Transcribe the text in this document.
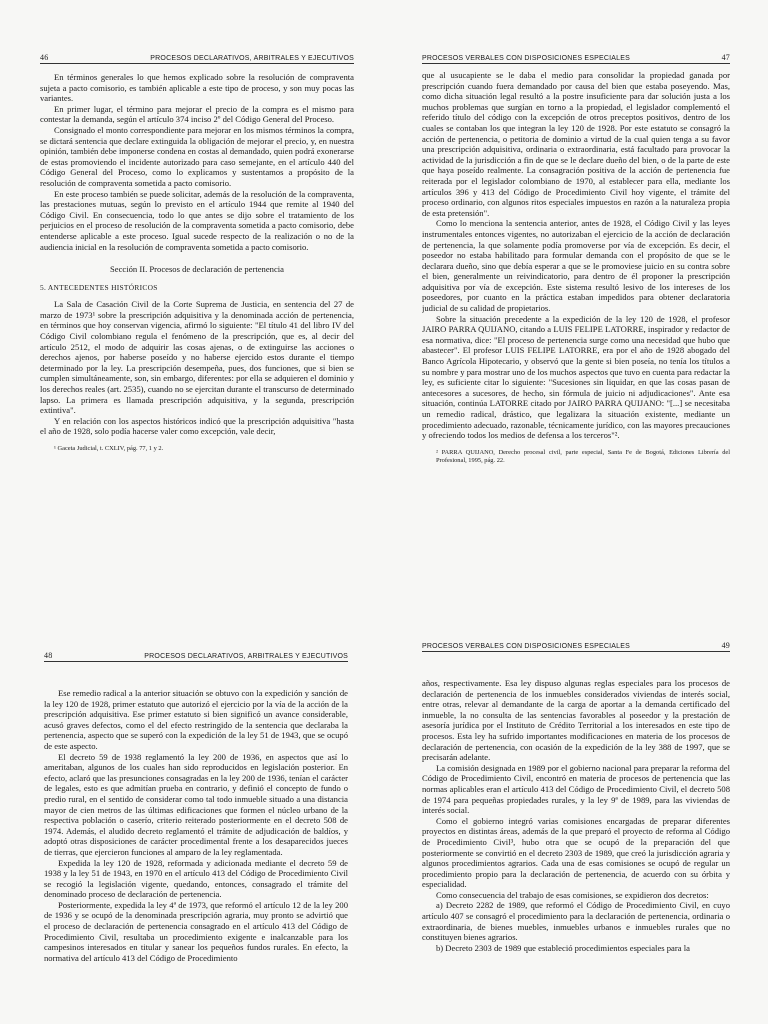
46	PROCESOS DECLARATIVOS, ARBITRALES Y EJECUTIVOS

En términos generales lo que hemos explicado sobre la resolución de compraventa sujeta a pacto comisorio, es también aplicable a este tipo de proceso, y son muy pocas las variantes.

En primer lugar, el término para mejorar el precio de la compra es el mismo para contestar la demanda, según el artículo 374 inciso 2º del Código General del Proceso.

Consignado el monto correspondiente para mejorar en los mismos términos la compra, se dictará sentencia que declare extinguida la obligación de mejorar el precio, y, en nuestra opinión, también debe imponerse condena en costas al demandado, quien podrá exonerarse de estas promoviendo el incidente autorizado para caso semejante, en el artículo 440 del Código General del Proceso, como lo explicamos y sustentamos a propósito de la resolución de compraventa sometida a pacto comisorio.

En este proceso también se puede solicitar, además de la resolución de la compraventa, las prestaciones mutuas, según lo previsto en el artículo 1944 que remite al 1940 del Código Civil. En consecuencia, todo lo que antes se dijo sobre el tratamiento de los perjuicios en el proceso de resolución de la compraventa sometida a pacto comisorio, debe entenderse aplicable a este proceso. Igual sucede respecto de la realización o no de la audiencia inicial en la resolución de compraventa sometida a pacto comisorio.

Sección II. Procesos de declaración de pertenencia
5. ANTECEDENTES HISTÓRICOS

La Sala de Casación Civil de la Corte Suprema de Justicia, en sentencia del 27 de marzo de 1973¹ sobre la prescripción adquisitiva y la denominada acción de pertenencia, en términos que hoy conservan vigencia, afirmó lo siguiente: "El título 41 del libro IV del Código Civil colombiano regula el fenómeno de la prescripción, que es, al decir del artículo 2512, el modo de adquirir las cosas ajenas, o de extinguirse las acciones o derechos ajenos, por haberse poseído y no haberse ejercido estos durante el tiempo determinado por la ley. La prescripción desempeña, pues, dos funciones, que si bien se cumplen simultáneamente, son, sin embargo, diferentes: por ella se adquieren el dominio y los derechos reales (art. 2535), cuando no se ejercitan durante el transcurso de determinado lapso. La primera es llamada prescripción adquisitiva, y la segunda, prescripción extintiva".

Y en relación con los aspectos históricos indicó que la prescripción adquisitiva "hasta el año de 1928, solo podía hacerse valer como excepción, vale decir,

¹ Gaceta Judicial, t. CXLIV, pág. 77, 1 y 2.
PROCESOS VERBALES CON DISPOSICIONES ESPECIALES	47

que al usucapiente se le daba el medio para consolidar la propiedad ganada por prescripción cuando fuera demandado por causa del bien que estaba poseyendo. Mas, como dicha situación legal resultó a la postre insuficiente para dar solución justa a los muchos problemas que surgían en torno a la propiedad, el legislador complementó el referido título del código con la excepción de otros preceptos positivos, dentro de los cuales se contaban los que integran la ley 120 de 1928. Por este estatuto se consagró la acción de pertenencia, o petitoria de dominio a virtud de la cual quien tenga a su favor una prescripción adquisitiva, ordinaria o extraordinaria, está facultado para provocar la actividad de la jurisdicción a fin de que se le declare dueño del bien, o de la parte de este que haya poseído realmente. La consagración positiva de la acción de pertenencia fue reiterada por el legislador colombiano de 1970, al establecer para ella, mediante los artículos 396 y 413 del Código de Procedimiento Civil hoy vigente, el trámite del proceso ordinario, con algunos ritos especiales impuestos en razón a la naturaleza propia de esta pretensión".

Como lo menciona la sentencia anterior, antes de 1928, el Código Civil y las leyes instrumentales entonces vigentes, no autorizaban el ejercicio de la acción de declaración de pertenencia, la que solamente podía promoverse por vía de excepción. Es decir, el poseedor no estaba habilitado para formular demanda con el propósito de que se le declarara dueño, sino que debía esperar a que se le promoviese juicio en su contra sobre el bien, generalmente un reivindicatorio, para dentro de él proponer la prescripción adquisitiva por vía de excepción. Este sistema resultó lesivo de los intereses de los poseedores, por cuanto en la práctica estaban impedidos para obtener declaratoria judicial de su calidad de propietarios.

Sobre la situación precedente a la expedición de la ley 120 de 1928, el profesor JAIRO PARRA QUIJANO, citando a LUIS FELIPE LATORRE, inspirador y redactor de esa normativa, dice: "El proceso de pertenencia surge como una necesidad que hubo que abastecer". El profesor LUIS FELIPE LATORRE, era por el año de 1928 abogado del Banco Agrícola Hipotecario, y observó que la gente si bien poseía, no tenía los títulos a su nombre y para mostrar uno de los muchos aspectos que tuvo en cuenta para redactar la ley, es suficiente citar lo siguiente: "Sucesiones sin liquidar, en que las cosas pasan de antecesores a sucesores, de hecho, sin fórmula de juicio ni adjudicaciones". Ante esa situación, continúa LATORRE citado por JAIRO PARRA QUIJANO: "[...] se necesitaba un remedio radical, drástico, que legalizara la situación existente, mediante un procedimiento adecuado, razonable, técnicamente jurídico, con las mayores precauciones y ofreciendo todos los medios de defensa a los terceros"².

² PARRA QUIJANO, Derecho procesal civil, parte especial, Santa Fe de Bogotá, Ediciones Librería del Profesional, 1995, pág. 22.
48	PROCESOS DECLARATIVOS, ARBITRALES Y EJECUTIVOS

Ese remedio radical a la anterior situación se obtuvo con la expedición y sanción de la ley 120 de 1928, primer estatuto que autorizó el ejercicio por la vía de la acción de la prescripción adquisitiva. Ese primer estatuto si bien significó un avance considerable, acusó graves defectos, como el del efecto restringido de la sentencia que declaraba la pertenencia, aspecto que se superó con la expedición de la ley 51 de 1943, que se ocupó de este aspecto.

El decreto 59 de 1938 reglamentó la ley 200 de 1936, en aspectos que así lo ameritaban, algunos de los cuales han sido reproducidos en legislación posterior. En efecto, aclaró que las presunciones consagradas en la ley 200 de 1936, tenían el carácter de legales, esto es que admitían prueba en contrario, y definió el concepto de fundo o predio rural, en el sentido de considerar como tal todo inmueble situado a una distancia mayor de cien metros de las últimas edificaciones que formen el núcleo urbano de la respectiva población o caserío, criterio reiterado posteriormente en el decreto 508 de 1974. Además, el aludido decreto reglamentó el trámite de adjudicación de baldíos, y adoptó otras disposiciones de carácter procedimental frente a los desaparecidos jueces de tierras, que ejercieron funciones al amparo de la ley reglamentada.

Expedida la ley 120 de 1928, reformada y adicionada mediante el decreto 59 de 1938 y la ley 51 de 1943, en 1970 en el artículo 413 del Código de Procedimiento Civil se recogió la legislación vigente, quedando, entonces, consagrado el trámite del denominado proceso de declaración de pertenencia.

Posteriormente, expedida la ley 4ª de 1973, que reformó el artículo 12 de la ley 200 de 1936 y se ocupó de la denominada prescripción agraria, muy pronto se advirtió que el proceso de declaración de pertenencia consagrado en el artículo 413 del Código de Procedimiento Civil, resultaba un procedimiento exigente e inalcanzable para los campesinos interesados en titular y sanear los pequeños fundos rurales. En efecto, la normativa del artículo 413 del Código de Procedimiento

PROCESOS VERBALES CON DISPOSICIONES ESPECIALES	49

años, respectivamente. Esa ley dispuso algunas reglas especiales para los procesos de declaración de pertenencia de los inmuebles considerados viviendas de interés social, entre otras, relevar al demandante de la carga de aportar a la demanda certificado del inmueble, la no consulta de las sentencias favorables al poseedor y la prestación de asesoría jurídica por el Instituto de Crédito Territorial a los interesados en este tipo de procesos. Esta ley ha sufrido importantes modificaciones en materia de los procesos de declaración de pertenencia, con ocasión de la expedición de la ley 388 de 1997, que se precisarán adelante.

La comisión designada en 1989 por el gobierno nacional para preparar la reforma del Código de Procedimiento Civil, encontró en materia de procesos de pertenencia que las normas aplicables eran el artículo 413 del Código de Procedimiento Civil, el decreto 508 de 1974 para pequeñas propiedades rurales, y la ley 9ª de 1989, para las viviendas de interés social.

Como el gobierno integró varias comisiones encargadas de preparar diferentes proyectos en distintas áreas, además de la que preparó el proyecto de reforma al Código de Procedimiento Civil³, hubo otra que se ocupó de la preparación del que posteriormente se convirtió en el decreto 2303 de 1989, que creó la jurisdicción agraria y algunos procedimientos agrarios. Cada una de esas comisiones se ocupó de regular un procedimiento propio para la declaración de pertenencia, de acuerdo con su órbita y especialidad.

Como consecuencia del trabajo de esas comisiones, se expidieron dos decretos:

a) Decreto 2282 de 1989, que reformó el Código de Procedimiento Civil, en cuyo artículo 407 se consagró el procedimiento para la declaración de pertenencia, ordinaria o extraordinaria, de bienes muebles, inmuebles urbanos e inmuebles rurales que no constituyen bienes agrarios.

b) Decreto 2303 de 1989 que estableció procedimientos especiales para la
